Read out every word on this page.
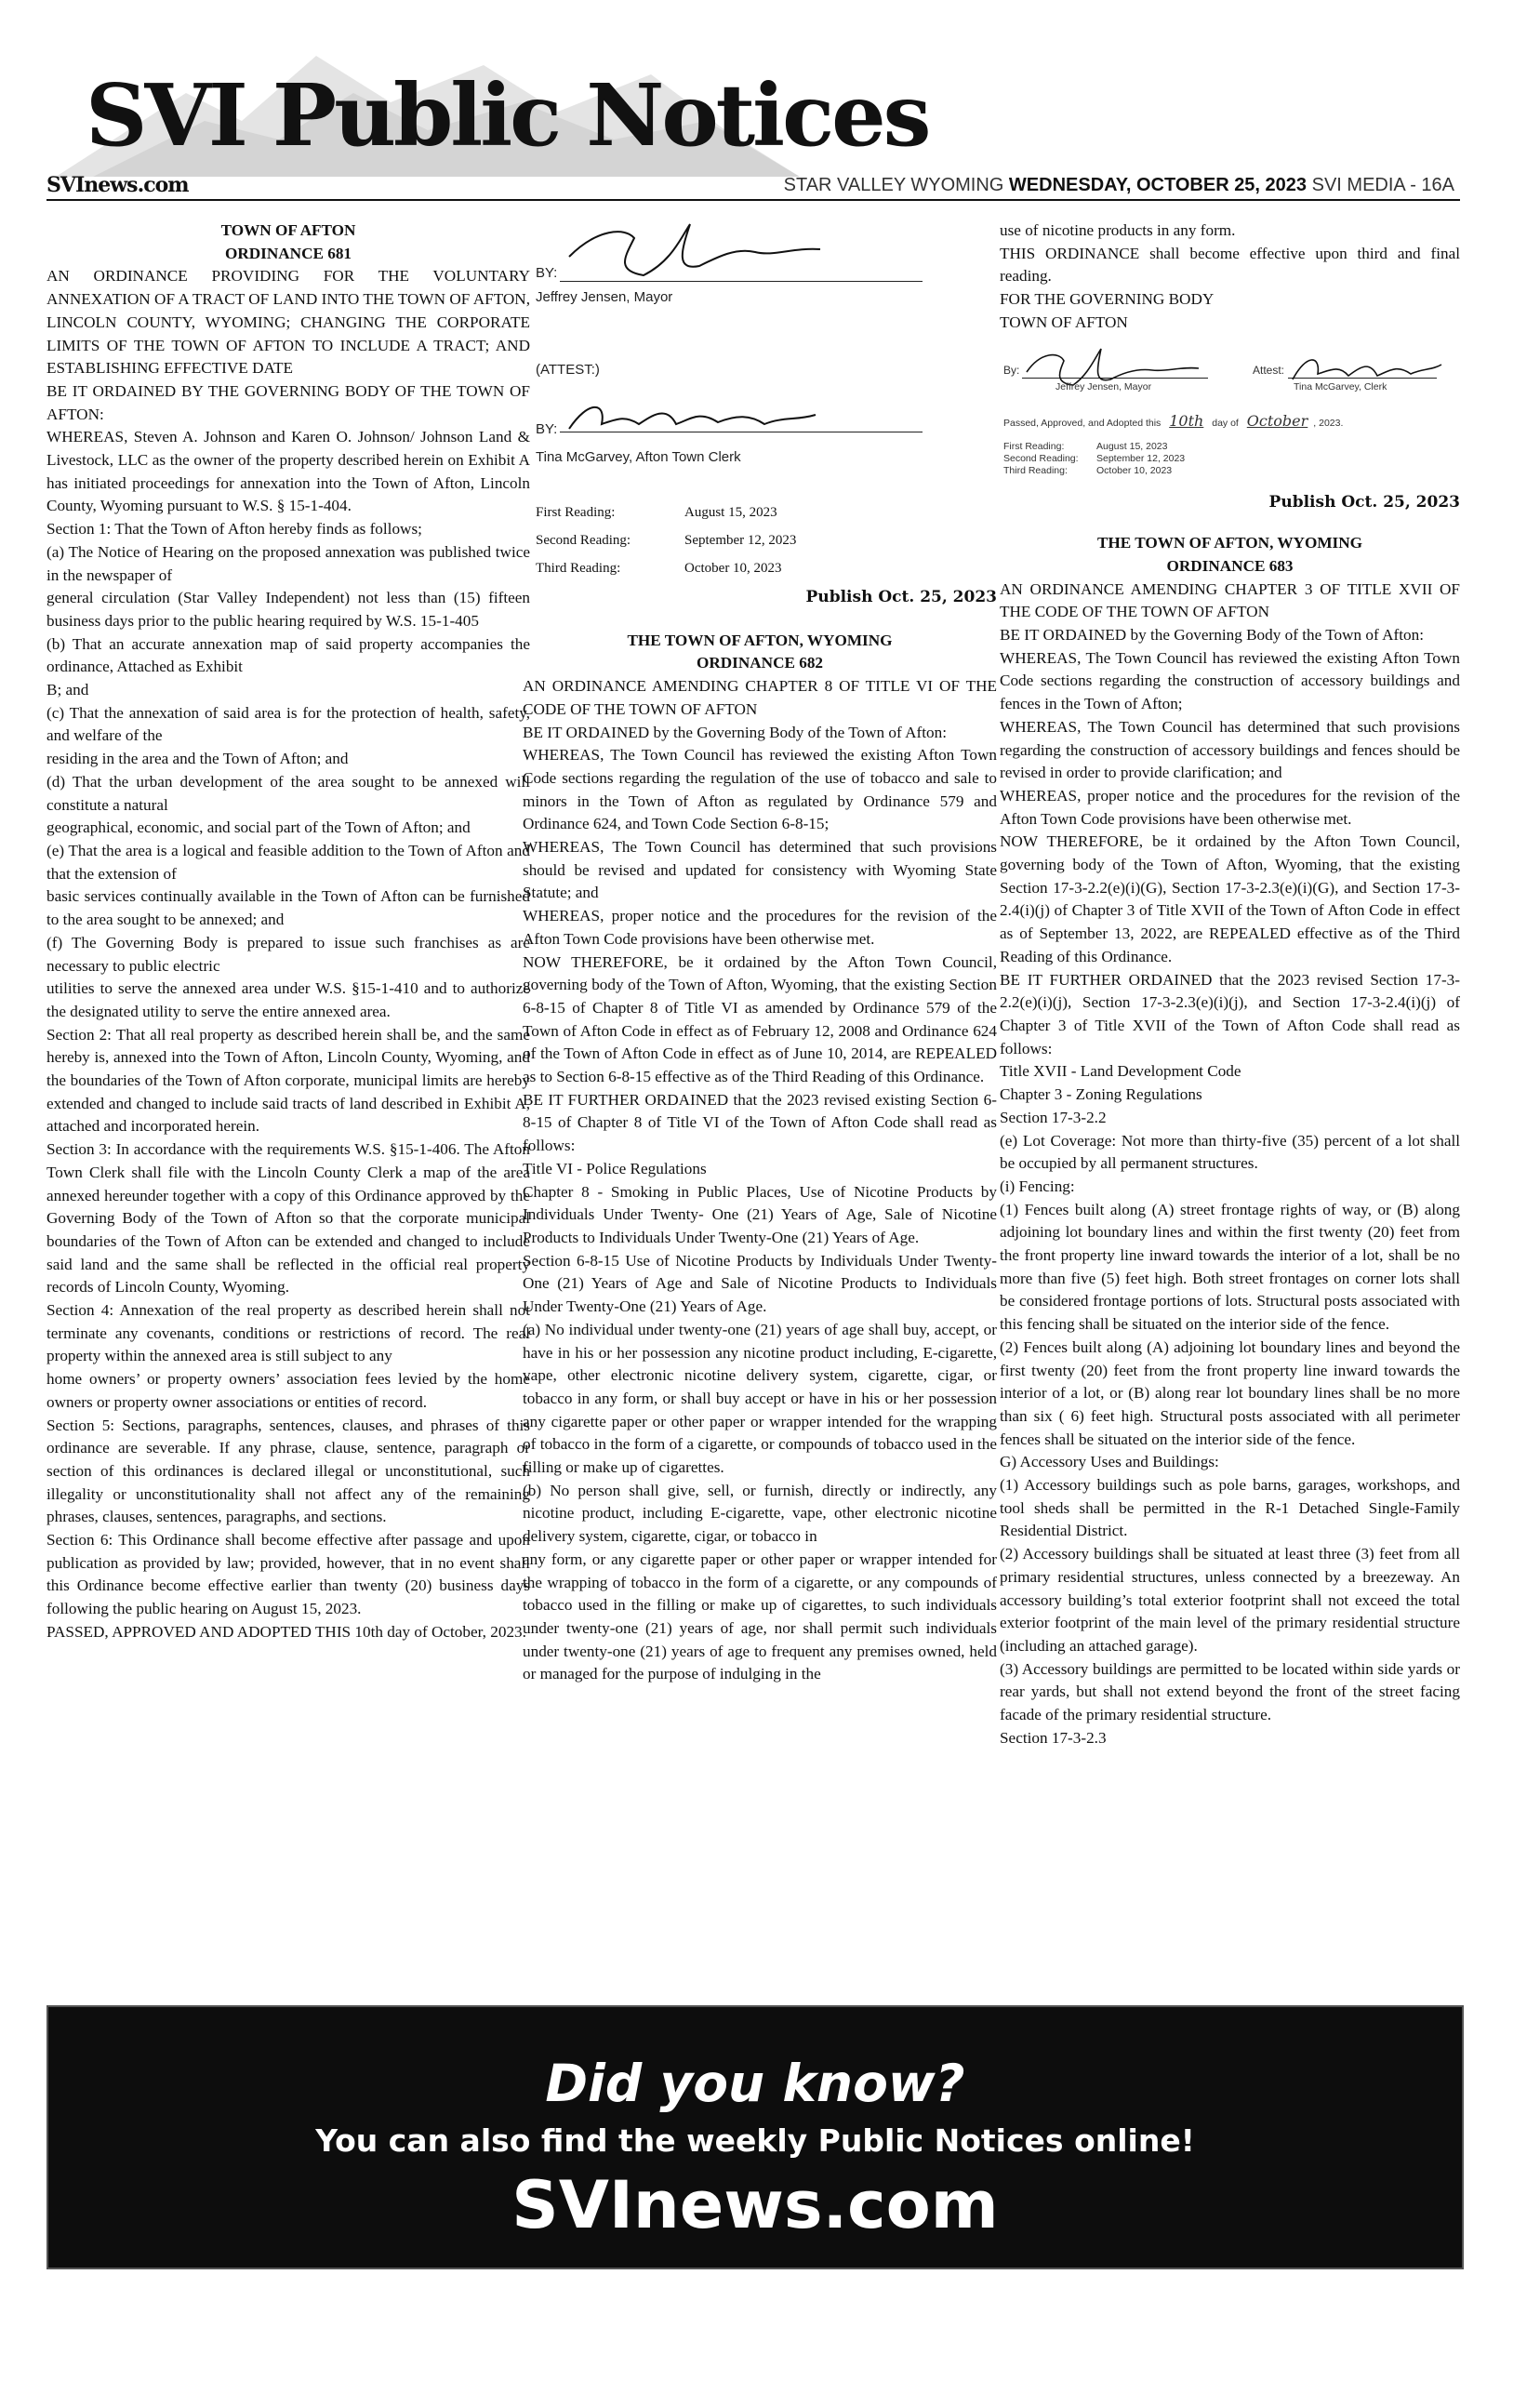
SVI Public Notices
SVInews.com	STAR VALLEY WYOMING WEDNESDAY, OCTOBER 25, 2023 SVI MEDIA - 16A

TOWN OF AFTON

ORDINANCE 681

AN ORDINANCE PROVIDING FOR THE VOLUNTARY ANNEXATION OF A TRACT OF LAND INTO THE TOWN OF AFTON, LINCOLN COUNTY, WYOMING; CHANGING THE CORPORATE LIMITS OF THE TOWN OF AFTON TO INCLUDE A TRACT; AND ESTABLISHING EFFECTIVE DATE

BE IT ORDAINED BY THE GOVERNING BODY OF THE TOWN OF AFTON:

WHEREAS, Steven A. Johnson and Karen O. Johnson/ Johnson Land & Livestock, LLC as the owner of the property described herein on Exhibit A has initiated proceedings for annexation into the Town of Afton, Lincoln County, Wyoming pursuant to W.S. § 15-1-404.

Section 1: That the Town of Afton hereby finds as follows;

(a) The Notice of Hearing on the proposed annexation was published twice in the newspaper of

general circulation (Star Valley Independent) not less than (15) fifteen business days prior to the public hearing required by W.S. 15-1-405

(b) That an accurate annexation map of said property accompanies the ordinance, Attached as Exhibit

B; and

(c) That the annexation of said area is for the protection of health, safety, and welfare of the

residing in the area and the Town of Afton; and

(d) That the urban development of the area sought to be annexed will constitute a natural

geographical, economic, and social part of the Town of Afton; and

(e) That the area is a logical and feasible addition to the Town of Afton and that the extension of

basic services continually available in the Town of Afton can be furnished to the area sought to be annexed; and

(f) The Governing Body is prepared to issue such franchises as are necessary to public electric

utilities to serve the annexed area under W.S. §15-1-410 and to authorize the designated utility to serve the entire annexed area.

Section 2: That all real property as described herein shall be, and the same hereby is, annexed into the Town of Afton, Lincoln County, Wyoming, and the boundaries of the Town of Afton corporate, municipal limits are hereby extended and changed to include said tracts of land described in Exhibit A, attached and incorporated herein.

Section 3: In accordance with the requirements W.S. §15-1-406. The Afton Town Clerk shall file with the Lincoln County Clerk a map of the area annexed hereunder together with a copy of this Ordinance approved by the Governing Body of the Town of Afton so that the corporate municipal boundaries of the Town of Afton can be extended and changed to include said land and the same shall be reflected in the official real property records of Lincoln County, Wyoming.

Section 4: Annexation of the real property as described herein shall not terminate any covenants, conditions or restrictions of record. The real property within the annexed area is still subject to any

home owners’ or property owners’ association fees levied by the home owners or property owner associations or entities of record.

Section 5: Sections, paragraphs, sentences, clauses, and phrases of this ordinance are severable. If any phrase, clause, sentence, paragraph or section of this ordinances is declared illegal or unconstitutional, such illegality or unconstitutionality shall not affect any of the remaining phrases, clauses, sentences, paragraphs, and sections.

Section 6: This Ordinance shall become effective after passage and upon publication as provided by law; provided, however, that in no event shall this Ordinance become effective earlier than twenty (20) business days following the public hearing on August 15, 2023.

PASSED, APPROVED AND ADOPTED THIS 10th day of October, 2023.

BY:
Jeffrey Jensen, Mayor
(ATTEST:)
BY:
Tina McGarvey, Afton Town Clerk
First Reading:	August 15, 2023
Second Reading:	September 12, 2023
Third Reading:	October 10, 2023

Publish Oct. 25, 2023

THE TOWN OF AFTON, WYOMING

ORDINANCE 682

AN ORDINANCE AMENDING CHAPTER 8 OF TITLE VI OF THE CODE OF THE TOWN OF AFTON

BE IT ORDAINED by the Governing Body of the Town of Afton:

WHEREAS, The Town Council has reviewed the existing Afton Town Code sections regarding the regulation of the use of tobacco and sale to minors in the Town of Afton as regulated by Ordinance 579 and Ordinance 624, and Town Code Section 6-8-15;

WHEREAS, The Town Council has determined that such provisions should be revised and updated for consistency with Wyoming State Statute; and

WHEREAS, proper notice and the procedures for the revision of the Afton Town Code provisions have been otherwise met.

NOW THEREFORE, be it ordained by the Afton Town Council, governing body of the Town of Afton, Wyoming, that the existing Section 6-8-15 of Chapter 8 of Title VI as amended by Ordinance 579 of the Town of Afton Code in effect as of February 12, 2008 and Ordinance 624 of the Town of Afton Code in effect as of June 10, 2014, are REPEALED as to Section 6-8-15 effective as of the Third Reading of this Ordinance.

BE IT FURTHER ORDAINED that the 2023 revised existing Section 6-8-15 of Chapter 8 of Title VI of the Town of Afton Code shall read as follows:

Title VI - Police Regulations

Chapter 8 - Smoking in Public Places, Use of Nicotine Products by Individuals Under Twenty- One (21) Years of Age, Sale of Nicotine Products to Individuals Under Twenty-One (21) Years of Age.

Section 6-8-15 Use of Nicotine Products by Individuals Under Twenty-One (21) Years of Age and Sale of Nicotine Products to Individuals Under Twenty-One (21) Years of Age.

(a) No individual under twenty-one (21) years of age shall buy, accept, or have in his or her possession any nicotine product including, E-cigarette, vape, other electronic nicotine delivery system, cigarette, cigar, or tobacco in any form, or shall buy accept or have in his or her possession any cigarette paper or other paper or wrapper intended for the wrapping of tobacco in the form of a cigarette, or compounds of tobacco used in the filling or make up of cigarettes.

(b) No person shall give, sell, or furnish, directly or indirectly, any nicotine product, including E-cigarette, vape, other electronic nicotine delivery system, cigarette, cigar, or tobacco in

any form, or any cigarette paper or other paper or wrapper intended for the wrapping of tobacco in the form of a cigarette, or any compounds of tobacco used in the filling or make up of cigarettes, to such individuals under twenty-one (21) years of age, nor shall permit such individuals under twenty-one (21) years of age to frequent any premises owned, held or managed for the purpose of indulging in the

use of nicotine products in any form.

THIS ORDINANCE shall become effective upon third and final reading.

FOR THE GOVERNING BODY

TOWN OF AFTON

By:
Jeffrey Jensen, Mayor
Attest:
Tina McGarvey, Clerk
Passed, Approved, and Adopted this 10th day of October , 2023.
First Reading:	August 15, 2023
Second Reading: September 12, 2023
Third Reading:	October 10, 2023

Publish Oct. 25, 2023

THE TOWN OF AFTON, WYOMING

ORDINANCE 683

AN ORDINANCE AMENDING CHAPTER 3 OF TITLE XVII OF THE CODE OF THE TOWN OF AFTON

BE IT ORDAINED by the Governing Body of the Town of Afton:

WHEREAS, The Town Council has reviewed the existing Afton Town Code sections regarding the construction of accessory buildings and fences in the Town of Afton;

WHEREAS, The Town Council has determined that such provisions regarding the construction of accessory buildings and fences should be revised in order to provide clarification; and

WHEREAS, proper notice and the procedures for the revision of the Afton Town Code provisions have been otherwise met.

NOW THEREFORE, be it ordained by the Afton Town Council, governing body of the Town of Afton, Wyoming, that the existing Section 17-3-2.2(e)(i)(G), Section 17-3-2.3(e)(i)(G), and Section 17-3-2.4(i)(j) of Chapter 3 of Title XVII of the Town of Afton Code in effect as of September 13, 2022, are REPEALED effective as of the Third Reading of this Ordinance.

BE IT FURTHER ORDAINED that the 2023 revised Section 17-3-2.2(e)(i)(j), Section 17-3-2.3(e)(i)(j), and Section 17-3-2.4(i)(j) of Chapter 3 of Title XVII of the Town of Afton Code shall read as follows:

Title XVII - Land Development Code

Chapter 3 - Zoning Regulations

Section 17-3-2.2

(e) Lot Coverage: Not more than thirty-five (35) percent of a lot shall be occupied by all permanent structures.

(i) Fencing:

(1) Fences built along (A) street frontage rights of way, or (B) along adjoining lot boundary lines and within the first twenty (20) feet from the front property line inward towards the interior of a lot, shall be no more than five (5) feet high. Both street frontages on corner lots shall be considered frontage portions of lots. Structural posts associated with this fencing shall be situated on the interior side of the fence.

(2) Fences built along (A) adjoining lot boundary lines and beyond the first twenty (20) feet from the front property line inward towards the interior of a lot, or (B) along rear lot boundary lines shall be no more than six ( 6) feet high. Structural posts associated with all perimeter fences shall be situated on the interior side of the fence.

G) Accessory Uses and Buildings:

(1) Accessory buildings such as pole barns, garages, workshops, and tool sheds shall be permitted in the R-1 Detached Single-Family Residential District.

(2) Accessory buildings shall be situated at least three (3) feet from all primary residential structures, unless connected by a breezeway. An accessory building’s total exterior footprint shall not exceed the total exterior footprint of the main level of the primary residential structure (including an attached garage).

(3) Accessory buildings are permitted to be located within side yards or rear yards, but shall not extend beyond the front of the street facing facade of the primary residential structure.

Section 17-3-2.3

Did you know?
You can also find the weekly Public Notices online!
SVInews.com
